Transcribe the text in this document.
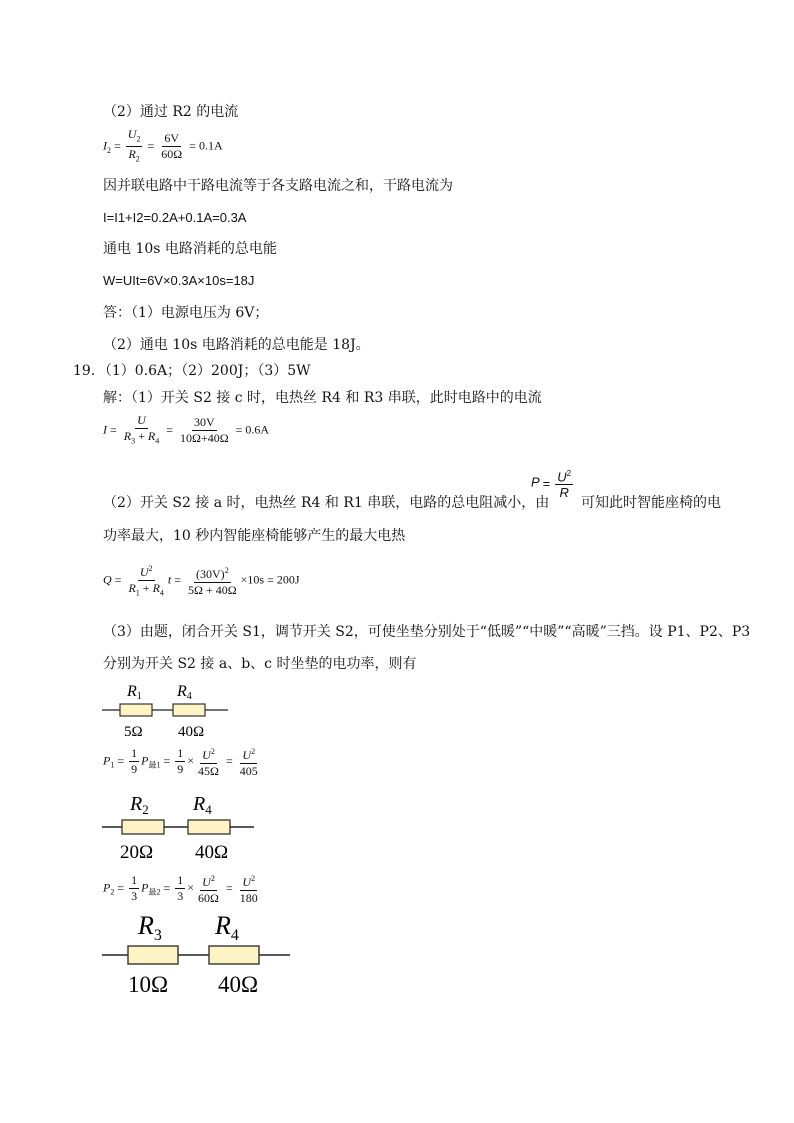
（2）通过 R2 的电流
$I_2 = \frac{U_2}{R_2} = \frac{6V}{60\Omega} = 0.1A$
因并联电路中干路电流等于各支路电流之和，干路电流为
I=I1+I2=0.2A+0.1A=0.3A
通电 10s 电路消耗的总电能
W=UIt=6V×0.3A×10s=18J
答：（1）电源电压为 6V；
（2）通电 10s 电路消耗的总电能是 18J。
19．（1）0.6A；（2）200J；（3）5W
解：（1）开关 S2 接 c 时，电热丝 R4 和 R3 串联，此时电路中的电流
$I = \frac{U}{R_3 + R_4} = \frac{30V}{10\Omega+40\Omega} = 0.6A$
（2）开关 S2 接 a 时，电热丝 R4 和 R1 串联，电路的总电阻减小，由
$P = \frac{U^2}{R}$
可知此时智能座椅的电
功率最大，10 秒内智能座椅能够产生的最大电热
$Q = \frac{U^2}{R_1 + R_4}$ $t = \frac{(30V)^2}{5\Omega + 40\Omega} \times 10s = 200J$
（3）由题，闭合开关 S1，调节开关 S2，可使坐垫分别处于“低暖”“中暖”“高暖”三挡。设 P1、P2、P3
分别为开关 S2 接 a、b、c 时坐垫的电功率，则有
R1 R4
5Ω 40Ω
$P_1 = \frac{1}{9} P_{最1} = \frac{1}{9} \times \frac{U^2}{45\Omega} = \frac{U^2}{405}$
$R_2$ $R_4$
20Ω 40Ω
$P_2 = \frac{1}{3} P_{最2} = \frac{1}{3} \times \frac{U^2}{60\Omega} = \frac{U^2}{180}$
$R_3$ $R_4$
10Ω 40Ω
